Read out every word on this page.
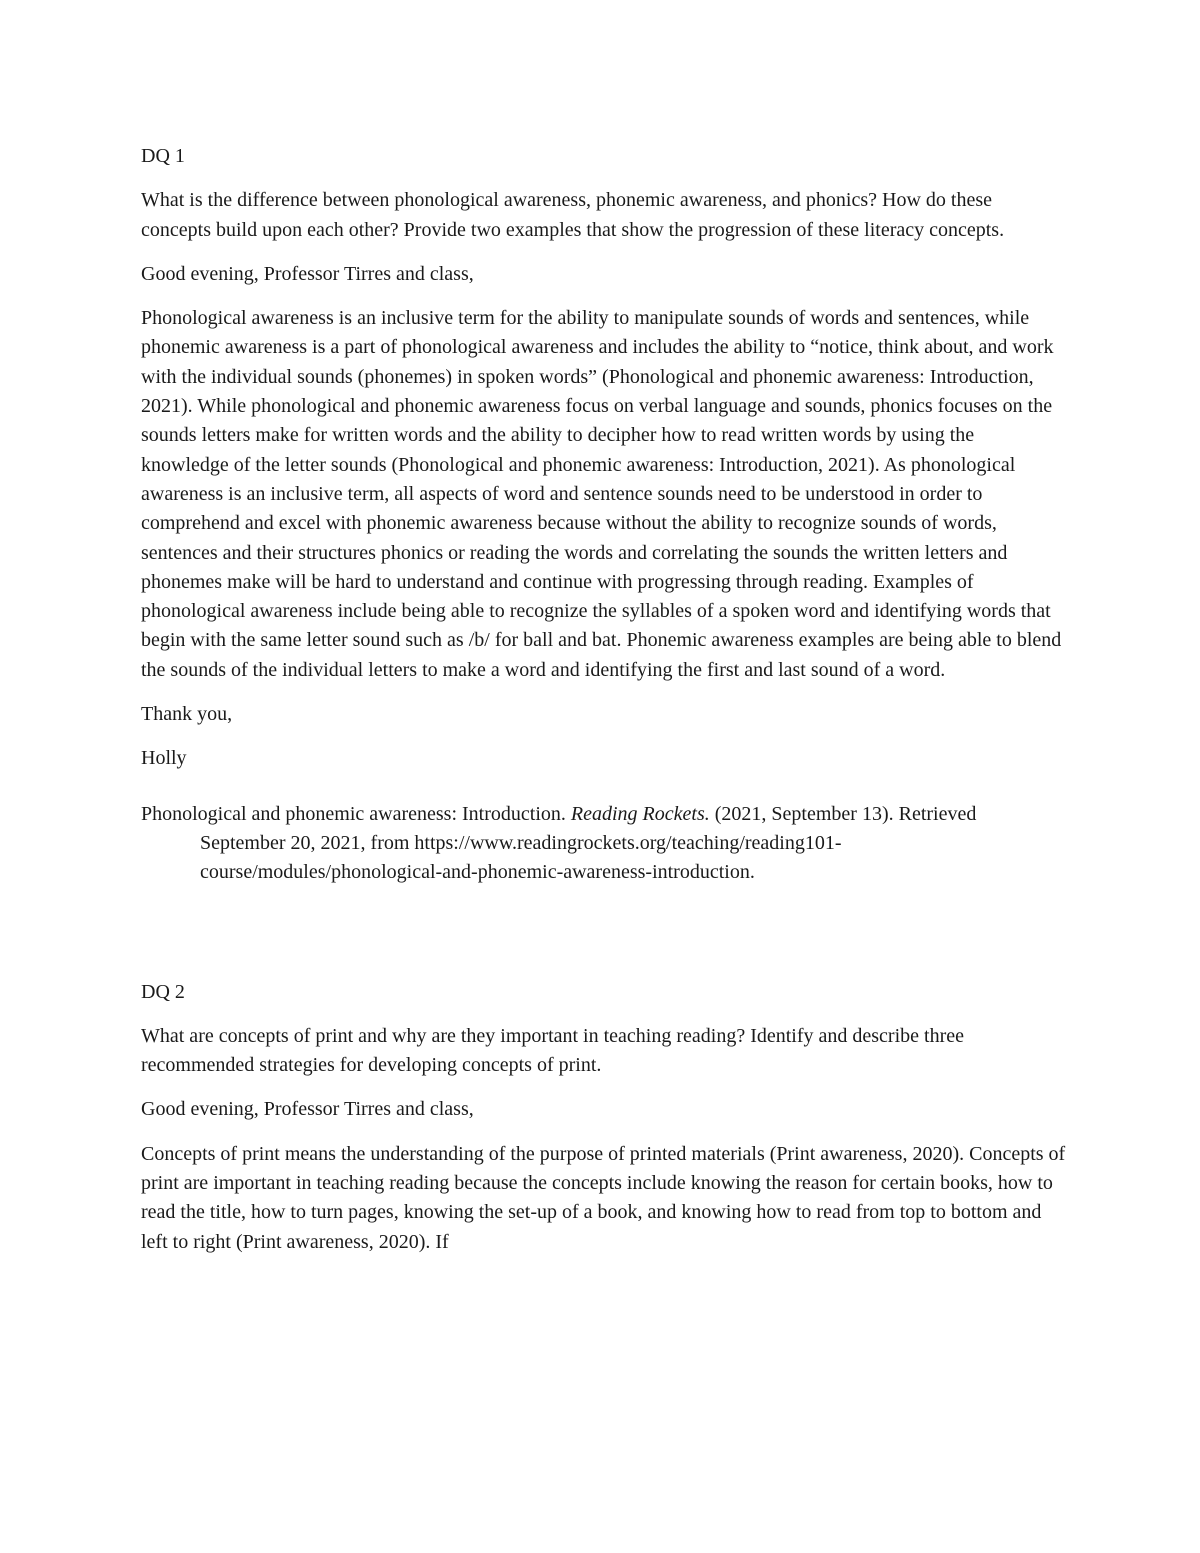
DQ 1

What is the difference between phonological awareness, phonemic awareness, and phonics? How do these concepts build upon each other? Provide two examples that show the progression of these literacy concepts.

Good evening, Professor Tirres and class,

Phonological awareness is an inclusive term for the ability to manipulate sounds of words and sentences, while phonemic awareness is a part of phonological awareness and includes the ability to “notice, think about, and work with the individual sounds (phonemes) in spoken words” (Phonological and phonemic awareness: Introduction, 2021). While phonological and phonemic awareness focus on verbal language and sounds, phonics focuses on the sounds letters make for written words and the ability to decipher how to read written words by using the knowledge of the letter sounds (Phonological and phonemic awareness: Introduction, 2021). As phonological awareness is an inclusive term, all aspects of word and sentence sounds need to be understood in order to comprehend and excel with phonemic awareness because without the ability to recognize sounds of words, sentences and their structures phonics or reading the words and correlating the sounds the written letters and phonemes make will be hard to understand and continue with progressing through reading. Examples of phonological awareness include being able to recognize the syllables of a spoken word and identifying words that begin with the same letter sound such as /b/ for ball and bat. Phonemic awareness examples are being able to blend the sounds of the individual letters to make a word and identifying the first and last sound of a word.

Thank you,

Holly

Phonological and phonemic awareness: Introduction. Reading Rockets. (2021, September 13). Retrieved September 20, 2021, from https://www.readingrockets.org/teaching/reading101-course/modules/phonological-and-phonemic-awareness-introduction.

DQ 2

What are concepts of print and why are they important in teaching reading? Identify and describe three recommended strategies for developing concepts of print.

Good evening, Professor Tirres and class,

Concepts of print means the understanding of the purpose of printed materials (Print awareness, 2020). Concepts of print are important in teaching reading because the concepts include knowing the reason for certain books, how to read the title, how to turn pages, knowing the set-up of a book, and knowing how to read from top to bottom and left to right (Print awareness, 2020). If
